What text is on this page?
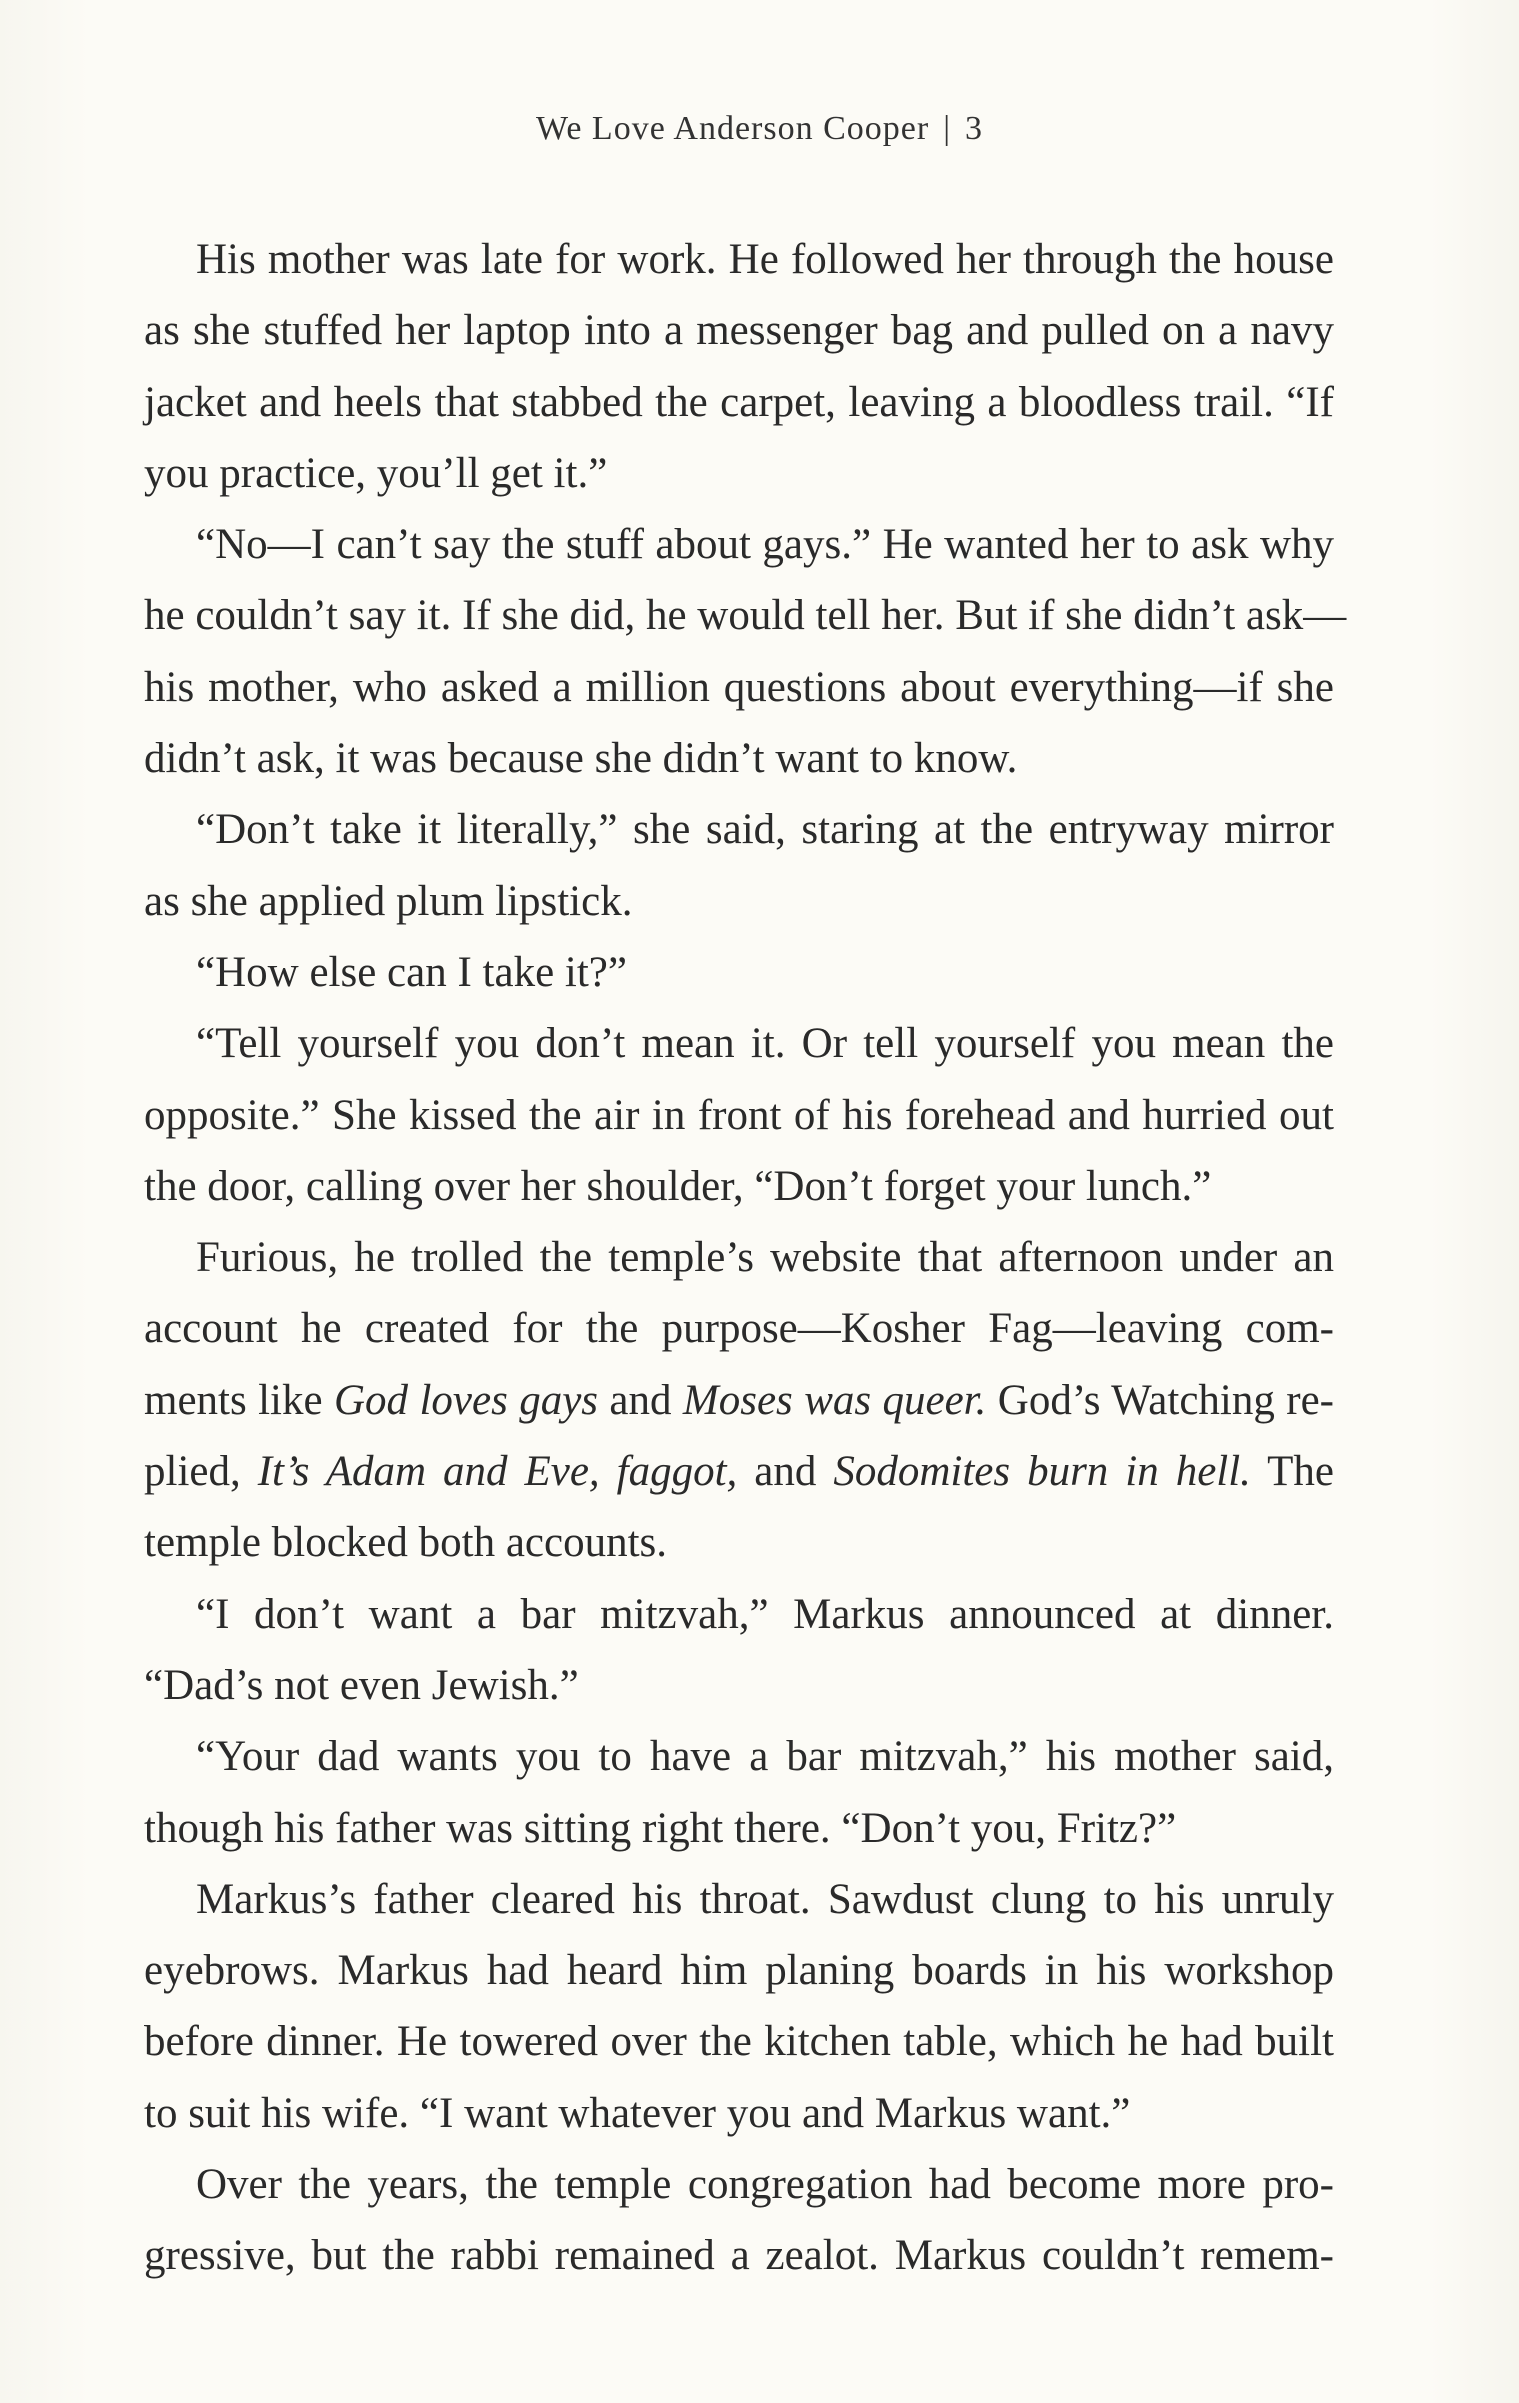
We Love Anderson Cooper | 3
His mother was late for work. He followed her through the house
as she stuffed her laptop into a messenger bag and pulled on a navy
jacket and heels that stabbed the carpet, leaving a bloodless trail. “If
you practice, you’ll get it.”
“No—I can’t say the stuff about gays.” He wanted her to ask why
he couldn’t say it. If she did, he would tell her. But if she didn’t ask—
his mother, who asked a million questions about everything—if she
didn’t ask, it was because she didn’t want to know.
“Don’t take it literally,” she said, staring at the entryway mirror
as she applied plum lipstick.
“How else can I take it?”
“Tell yourself you don’t mean it. Or tell yourself you mean the
opposite.” She kissed the air in front of his forehead and hurried out
the door, calling over her shoulder, “Don’t forget your lunch.”
Furious, he trolled the temple’s website that afternoon under an
account he created for the purpose—Kosher Fag—leaving com-
ments like God loves gays and Moses was queer. God’s Watching re-
plied, It’s Adam and Eve, faggot, and Sodomites burn in hell. The
temple blocked both accounts.
“I don’t want a bar mitzvah,” Markus announced at dinner.
“Dad’s not even Jewish.”
“Your dad wants you to have a bar mitzvah,” his mother said,
though his father was sitting right there. “Don’t you, Fritz?”
Markus’s father cleared his throat. Sawdust clung to his unruly
eyebrows. Markus had heard him planing boards in his workshop
before dinner. He towered over the kitchen table, which he had built
to suit his wife. “I want whatever you and Markus want.”
Over the years, the temple congregation had become more pro-
gressive, but the rabbi remained a zealot. Markus couldn’t remem-
